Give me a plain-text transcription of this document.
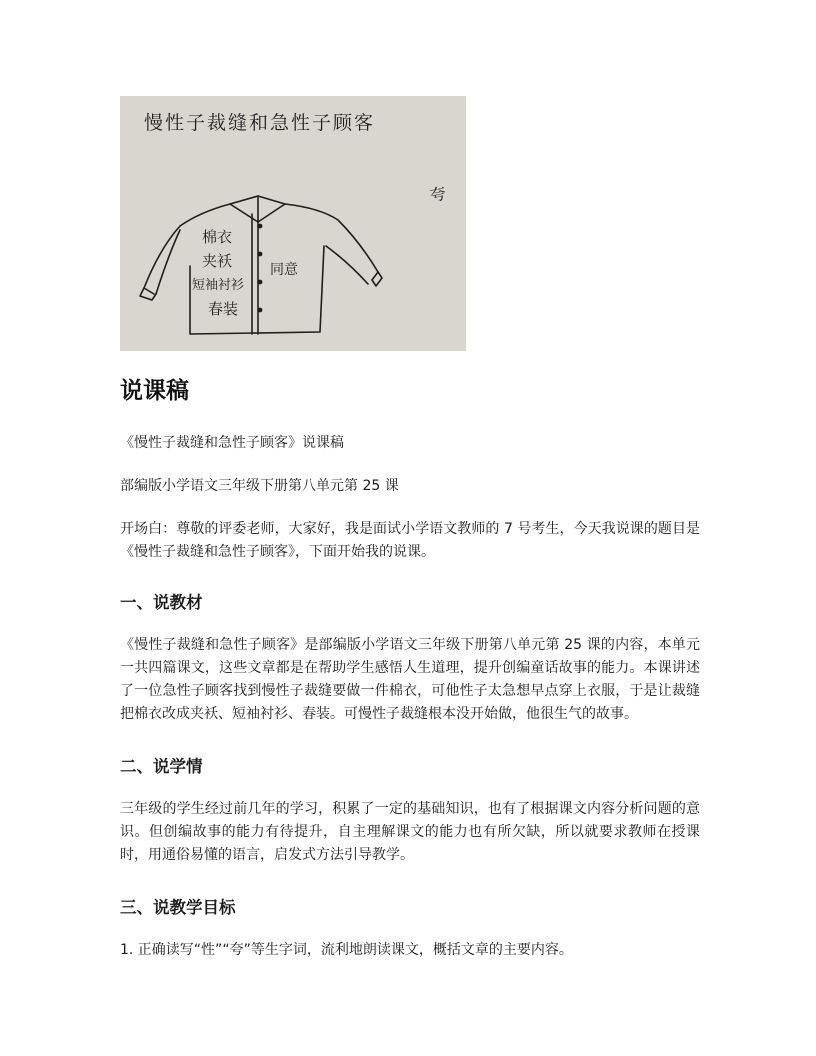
慢性子裁缝和急性子顾客
夸
棉衣
夹袄
短袖衬衫
春装
同意
说课稿

《慢性子裁缝和急性子顾客》说课稿

部编版小学语文三年级下册第八单元第 25 课

开场白：尊敬的评委老师，大家好，我是面试小学语文教师的 7 号考生，今天我说课的题目是《慢性子裁缝和急性子顾客》，下面开始我的说课。

一、说教材

《慢性子裁缝和急性子顾客》是部编版小学语文三年级下册第八单元第 25 课的内容，本单元一共四篇课文，这些文章都是在帮助学生感悟人生道理，提升创编童话故事的能力。本课讲述了一位急性子顾客找到慢性子裁缝要做一件棉衣，可他性子太急想早点穿上衣服，于是让裁缝把棉衣改成夹袄、短袖衬衫、春装。可慢性子裁缝根本没开始做，他很生气的故事。

二、说学情

三年级的学生经过前几年的学习，积累了一定的基础知识，也有了根据课文内容分析问题的意识。但创编故事的能力有待提升，自主理解课文的能力也有所欠缺，所以就要求教师在授课时，用通俗易懂的语言，启发式方法引导教学。

三、说教学目标

1. 正确读写“性”“夸”等生字词，流利地朗读课文，概括文章的主要内容。
